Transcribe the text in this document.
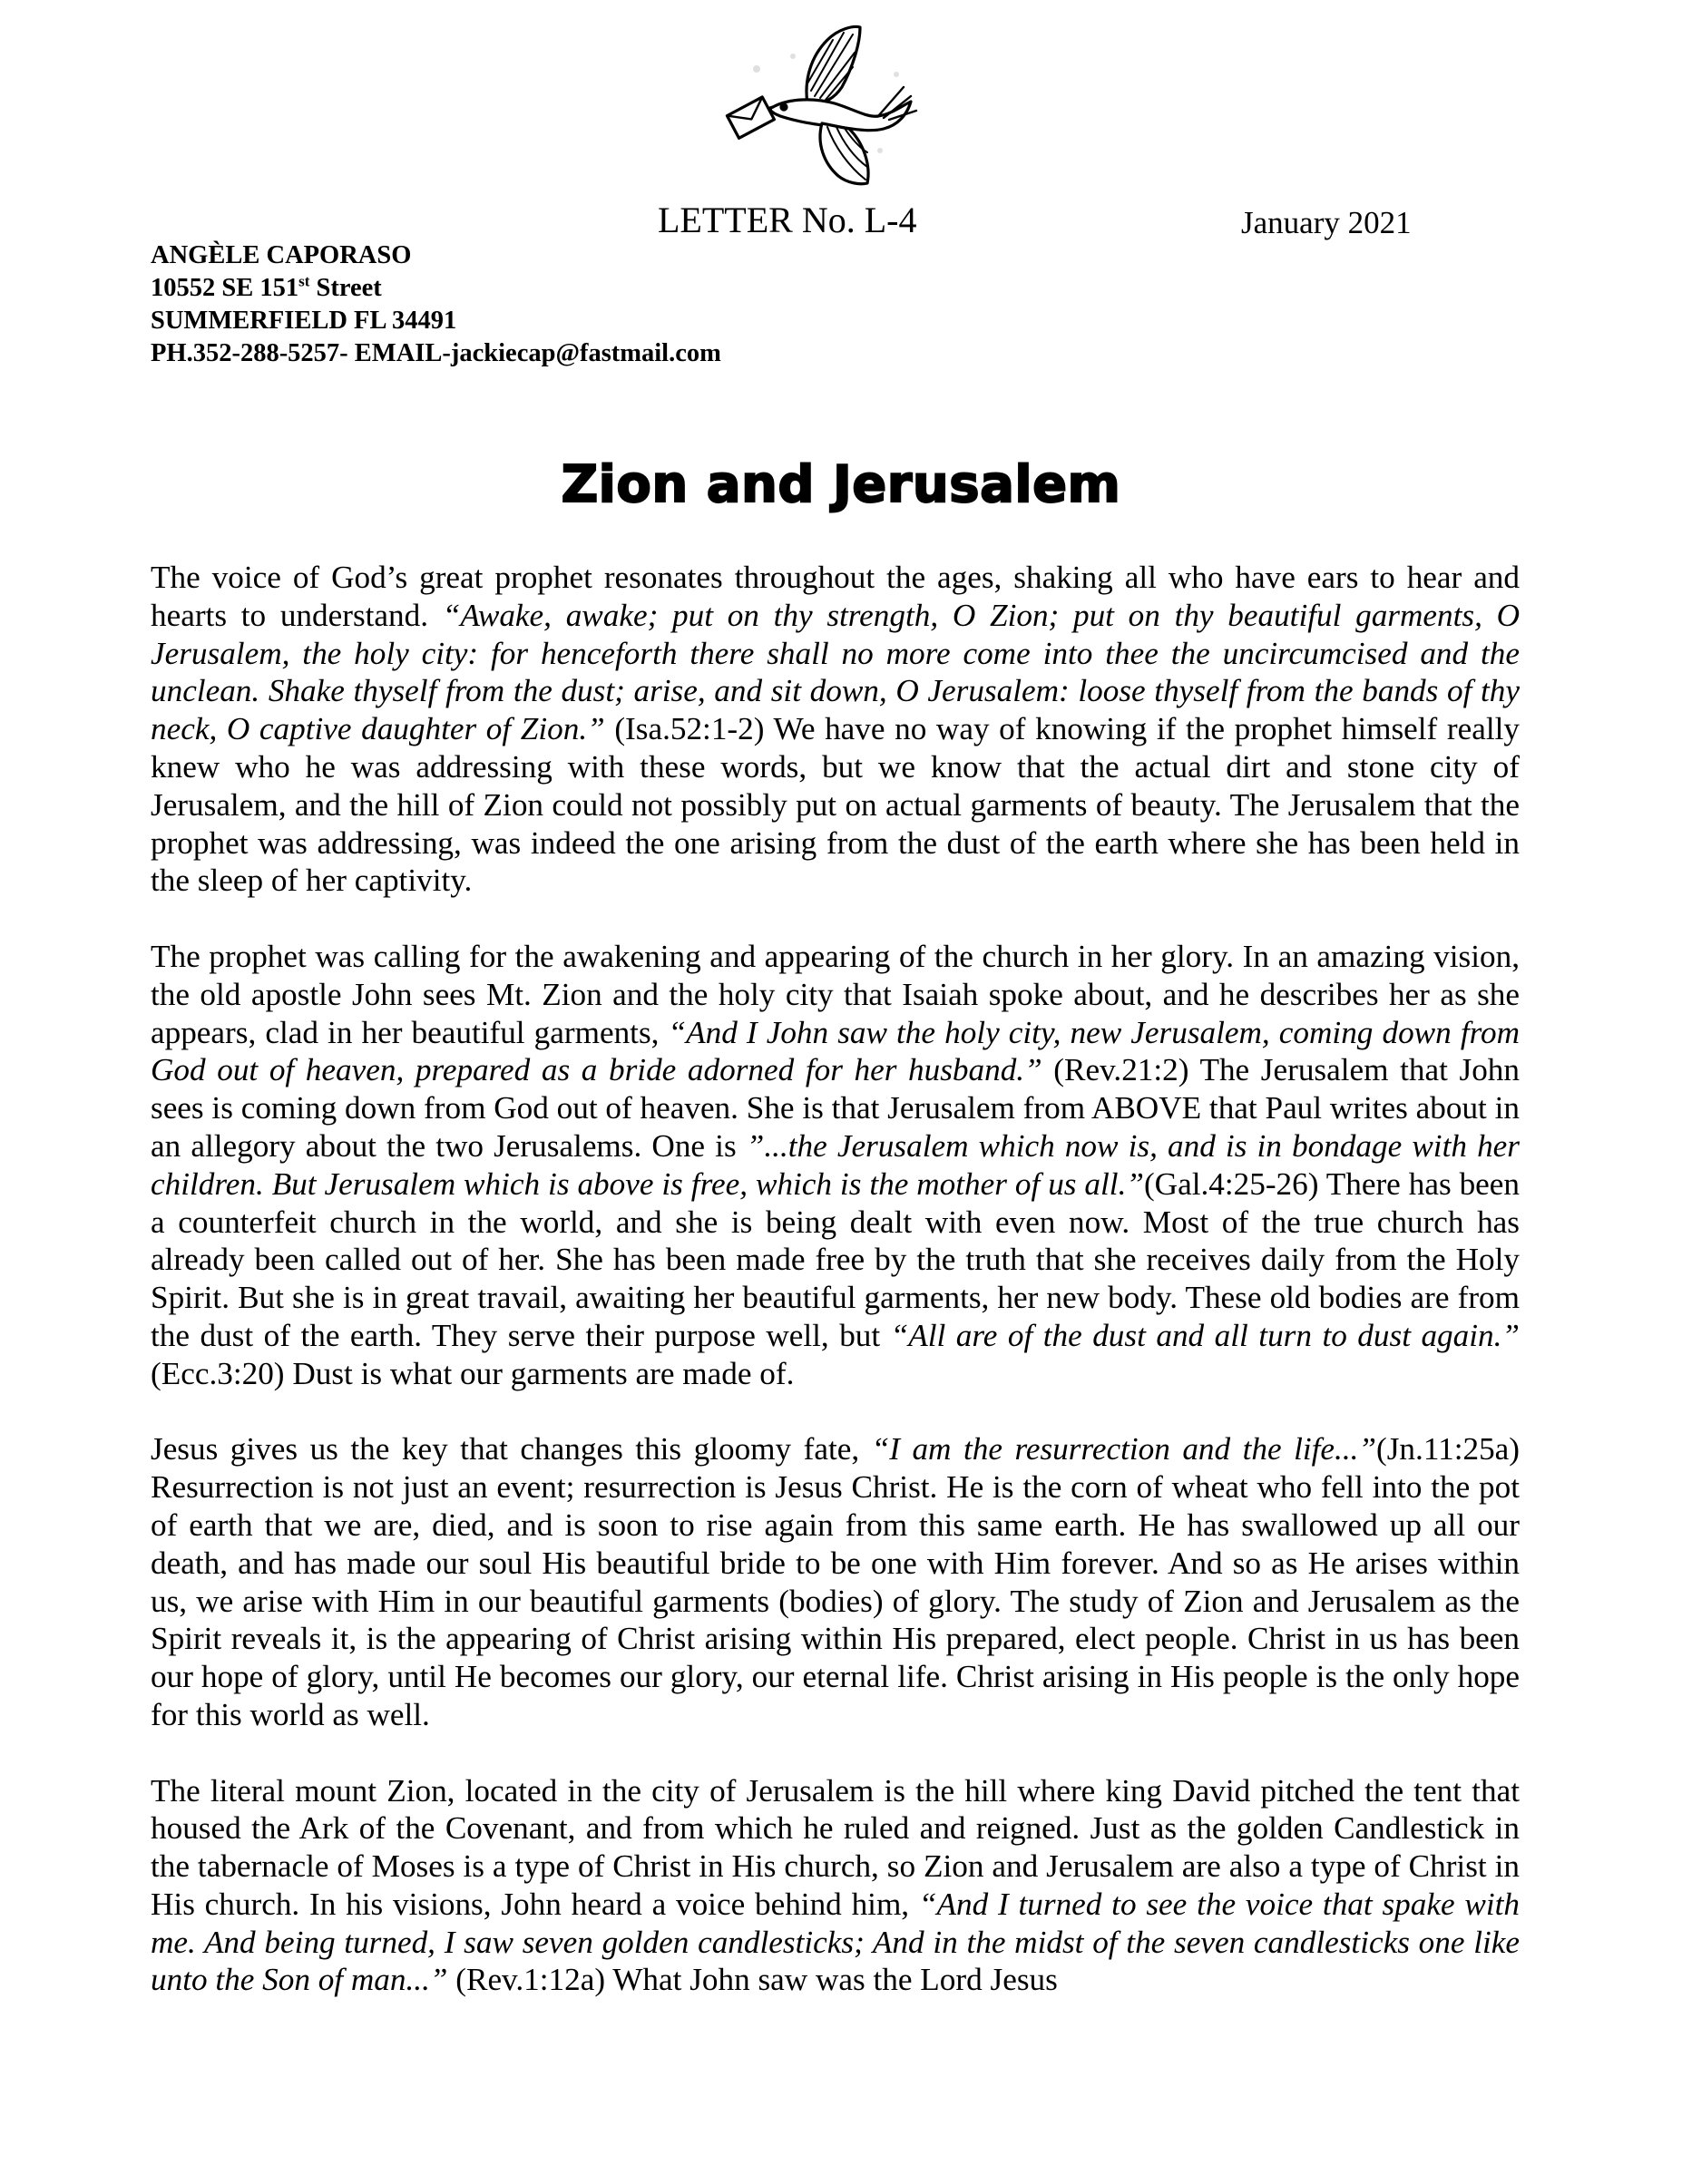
LETTER No. L-4	January 2021
ANGÈLE CAPORASO
10552 SE 151st Street
SUMMERFIELD FL 34491
PH.352-288-5257- EMAIL-jackiecap@fastmail.com
Zion and Jerusalem

The voice of God’s great prophet resonates throughout the ages, shaking all who have ears to hear and hearts to understand. “Awake, awake; put on thy strength, O Zion; put on thy beautiful garments, O Jerusalem, the holy city: for henceforth there shall no more come into thee the uncircumcised and the unclean. Shake thyself from the dust; arise, and sit down, O Jerusalem: loose thyself from the bands of thy neck, O captive daughter of Zion.” (Isa.52:1-2) We have no way of knowing if the prophet himself really knew who he was addressing with these words, but we know that the actual dirt and stone city of Jerusalem, and the hill of Zion could not possibly put on actual garments of beauty. The Jerusalem that the prophet was addressing, was indeed the one arising from the dust of the earth where she has been held in the sleep of her captivity.

The prophet was calling for the awakening and appearing of the church in her glory. In an amazing vision, the old apostle John sees Mt. Zion and the holy city that Isaiah spoke about, and he describes her as she appears, clad in her beautiful garments, “And I John saw the holy city, new Jerusalem, coming down from God out of heaven, prepared as a bride adorned for her husband.” (Rev.21:2) The Jerusalem that John sees is coming down from God out of heaven. She is that Jerusalem from ABOVE that Paul writes about in an allegory about the two Jerusalems. One is ”...the Jerusalem which now is, and is in bondage with her children. But Jerusalem which is above is free, which is the mother of us all.”(Gal.4:25-26) There has been a counterfeit church in the world, and she is being dealt with even now. Most of the true church has already been called out of her. She has been made free by the truth that she receives daily from the Holy Spirit. But she is in great travail, awaiting her beautiful garments, her new body. These old bodies are from the dust of the earth. They serve their purpose well, but “All are of the dust and all turn to dust again.” (Ecc.3:20) Dust is what our garments are made of.

Jesus gives us the key that changes this gloomy fate, “I am the resurrection and the life...”(Jn.11:25a) Resurrection is not just an event; resurrection is Jesus Christ. He is the corn of wheat who fell into the pot of earth that we are, died, and is soon to rise again from this same earth. He has swallowed up all our death, and has made our soul His beautiful bride to be one with Him forever. And so as He arises within us, we arise with Him in our beautiful garments (bodies) of glory. The study of Zion and Jerusalem as the Spirit reveals it, is the appearing of Christ arising within His prepared, elect people. Christ in us has been our hope of glory, until He becomes our glory, our eternal life. Christ arising in His people is the only hope for this world as well.

The literal mount Zion, located in the city of Jerusalem is the hill where king David pitched the tent that housed the Ark of the Covenant, and from which he ruled and reigned. Just as the golden Candlestick in the tabernacle of Moses is a type of Christ in His church, so Zion and Jerusalem are also a type of Christ in His church. In his visions, John heard a voice behind him, “And I turned to see the voice that spake with me. And being turned, I saw seven golden candlesticks; And in the midst of the seven candlesticks one like unto the Son of man...” (Rev.1:12a) What John saw was the Lord Jesus
